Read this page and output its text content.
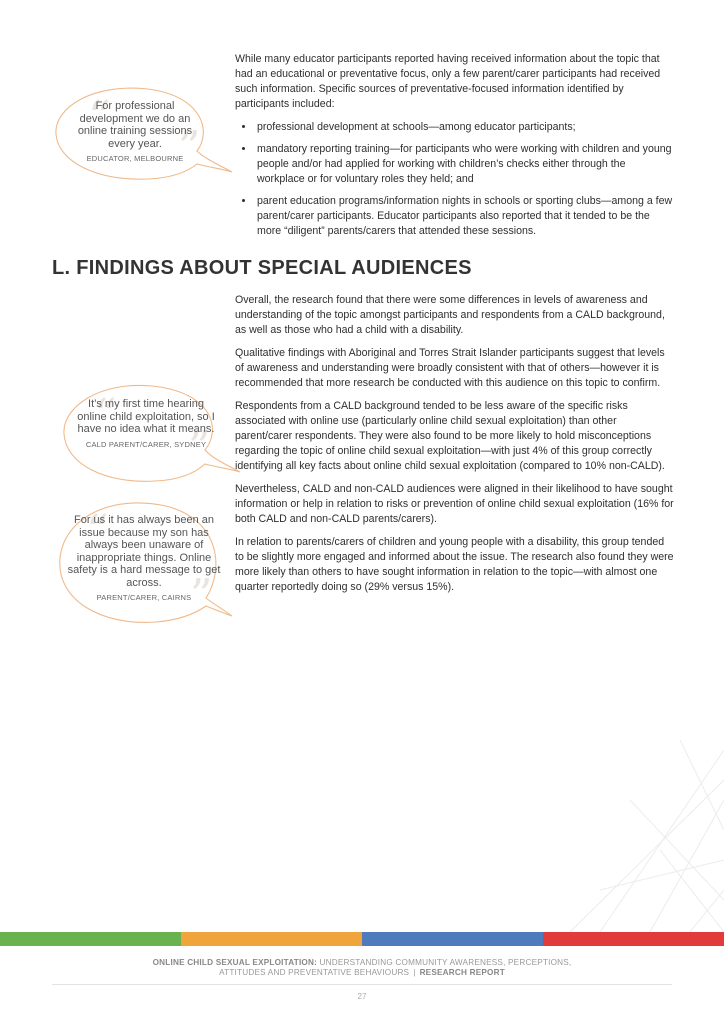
While many educator participants reported having received information about the topic that had an educational or preventative focus, only a few parent/carer participants had received such information. Specific sources of preventative-focused information identified by participants included:

• professional development at schools—among educator participants;
• mandatory reporting training—for participants who were working with children and young people and/or had applied for working with children’s checks either through the workplace or for voluntary roles they held; and
• parent education programs/information nights in schools or sporting clubs—among a few parent/carer participants. Educator participants also reported that it tended to be the more “diligent” parents/carers that attended these sessions.
L. FINDINGS ABOUT SPECIAL AUDIENCES

Overall, the research found that there were some differences in levels of awareness and understanding of the topic amongst participants and respondents from a CALD background, as well as those who had a child with a disability.

Qualitative findings with Aboriginal and Torres Strait Islander participants suggest that levels of awareness and understanding were broadly consistent with that of others—however it is recommended that more research be conducted with this audience on this topic to confirm.

Respondents from a CALD background tended to be less aware of the specific risks associated with online use (particularly online child sexual exploitation) than other parent/carer respondents. They were also found to be more likely to hold misconceptions regarding the topic of online child sexual exploitation—with just 4% of this group correctly identifying all key facts about online child sexual exploitation (compared to 10% non-CALD).

Nevertheless, CALD and non-CALD audiences were aligned in their likelihood to have sought information or help in relation to risks or prevention of online child sexual exploitation (16% for both CALD and non-CALD parents/carers).

In relation to parents/carers of children and young people with a disability, this group tended to be slightly more engaged and informed about the issue. The research also found they were more likely than others to have sought information in relation to the topic—with almost one quarter reportedly doing so (29% versus 15%).

“
”
For professional development we do an online training sessions every year.
EDUCATOR, MELBOURNE
“
”
It’s my first time hearing online child exploitation, so I have no idea what it means.
CALD PARENT/CARER, SYDNEY
“
”
For us it has always been an issue because my son has always been unaware of inappropriate things. Online safety is a hard message to get across.
PARENT/CARER, CAIRNS
ONLINE CHILD SEXUAL EXPLOITATION: UNDERSTANDING COMMUNITY AWARENESS, PERCEPTIONS,
ATTITUDES AND PREVENTATIVE BEHAVIOURS | RESEARCH REPORT
27
